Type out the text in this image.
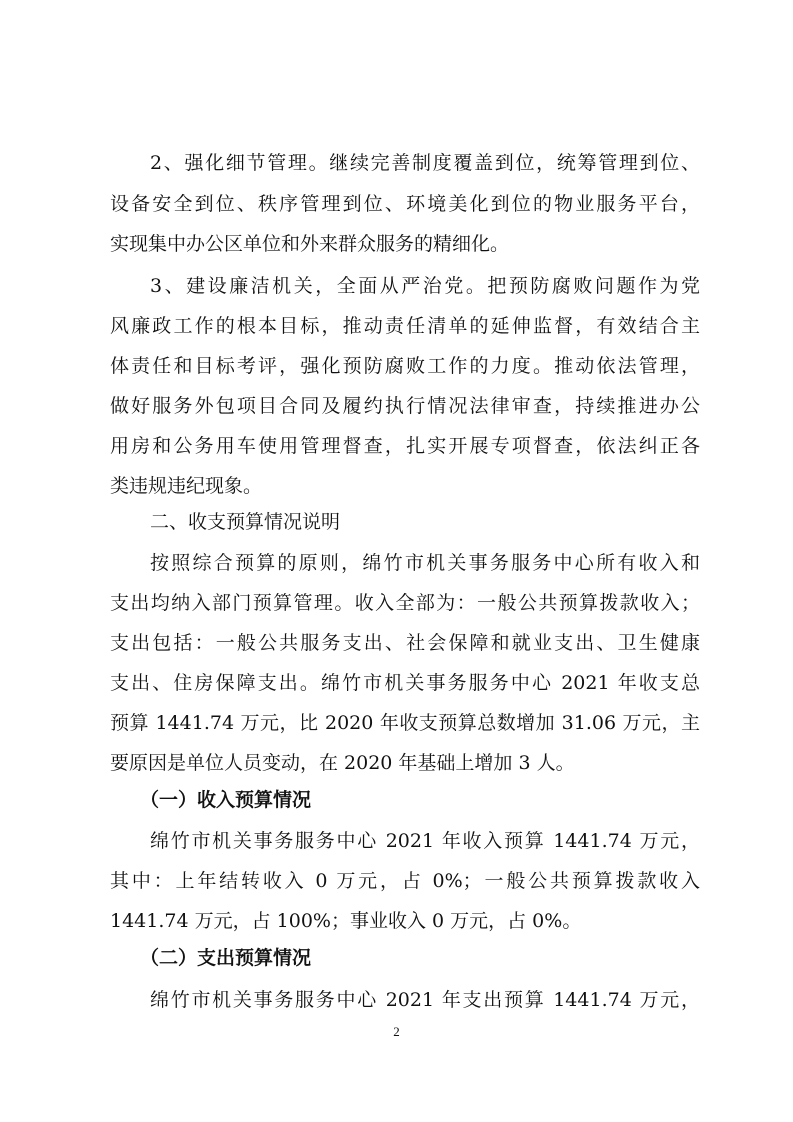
2、强化细节管理。继续完善制度覆盖到位，统筹管理到位、
设备安全到位、秩序管理到位、环境美化到位的物业服务平台，
实现集中办公区单位和外来群众服务的精细化。
3、建设廉洁机关，全面从严治党。把预防腐败问题作为党
风廉政工作的根本目标，推动责任清单的延伸监督，有效结合主
体责任和目标考评，强化预防腐败工作的力度。推动依法管理，
做好服务外包项目合同及履约执行情况法律审查，持续推进办公
用房和公务用车使用管理督查，扎实开展专项督查，依法纠正各
类违规违纪现象。
二、收支预算情况说明
按照综合预算的原则，绵竹市机关事务服务中心所有收入和
支出均纳入部门预算管理。收入全部为：一般公共预算拨款收入；
支出包括：一般公共服务支出、社会保障和就业支出、卫生健康
支出、住房保障支出。绵竹市机关事务服务中心 2021 年收支总
预算 1441.74 万元，比 2020 年收支预算总数增加 31.06 万元，主
要原因是单位人员变动，在 2020 年基础上增加 3 人。
（一）收入预算情况
绵竹市机关事务服务中心 2021 年收入预算 1441.74 万元，
其中：上年结转收入 0 万元，占 0%；一般公共预算拨款收入
1441.74 万元，占 100%；事业收入 0 万元，占 0%。
（二）支出预算情况
绵竹市机关事务服务中心 2021 年支出预算 1441.74 万元，
2
